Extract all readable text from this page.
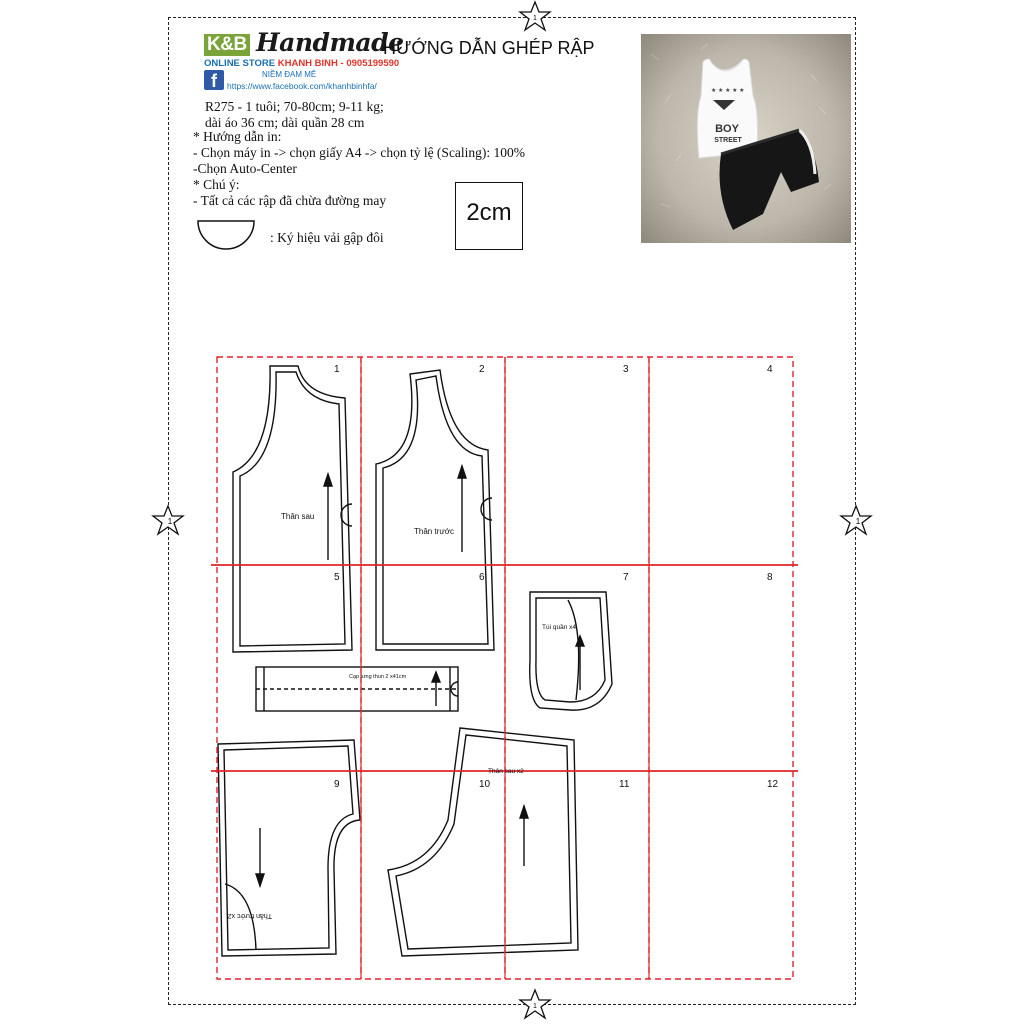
K&B Handmade
ONLINE STORE KHANH BINH - 0905199590
f	NIỀM ĐAM MÊ
https://www.facebook.com/khanhbinhfa/
HƯỚNG DẪN GHÉP RẬP
R275 - 1 tuôi; 70-80cm; 9-11 kg;
dài áo 36 cm; dài quần 28 cm
* Hướng dẫn in:
- Chọn máy in -> chọn giấy A4 -> chọn tỷ lệ (Scaling): 100%
-Chọn Auto-Center
* Chú ý:
- Tất cả các rập đã chừa đường may
: Ký hiệu vải gập đôi
2cm
BOY
STREET
★ ★ ★ ★ ★
1
1
1	1
1	2	3	4
5	6	7	8
9	10	11	12
Thân sau
Thân trước
Túi quần x4
Cạp lưng thun 2 x41cm
Thân trước x2
Thân sau x2
